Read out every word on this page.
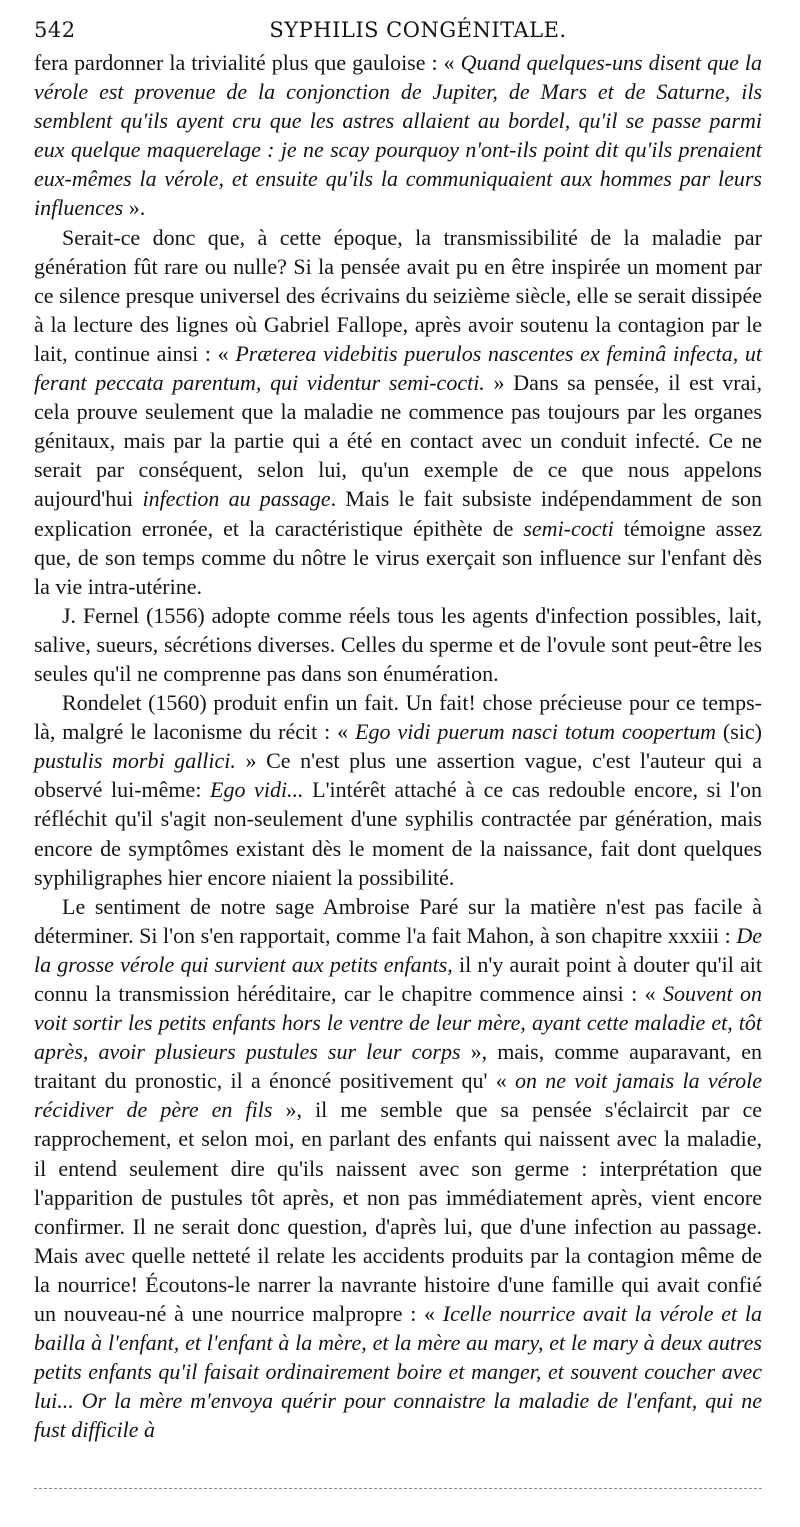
542	SYPHILIS CONGÉNITALE.

fera pardonner la trivialité plus que gauloise : « Quand quelques-uns disent que la vérole est provenue de la conjonction de Jupiter, de Mars et de Saturne, ils semblent qu'ils ayent cru que les astres allaient au bordel, qu'il se passe parmi eux quelque maquerelage : je ne scay pourquoy n'ont-ils point dit qu'ils prenaient eux-mêmes la vérole, et ensuite qu'ils la communiquaient aux hommes par leurs influences ».

Serait-ce donc que, à cette époque, la transmissibilité de la maladie par génération fût rare ou nulle? Si la pensée avait pu en être inspirée un moment par ce silence presque universel des écrivains du seizième siècle, elle se serait dissipée à la lecture des lignes où Gabriel Fallope, après avoir soutenu la contagion par le lait, continue ainsi : « Præterea videbitis puerulos nascentes ex feminâ infecta, ut ferant peccata parentum, qui videntur semi-cocti. » Dans sa pensée, il est vrai, cela prouve seulement que la maladie ne commence pas toujours par les organes génitaux, mais par la partie qui a été en contact avec un conduit infecté. Ce ne serait par conséquent, selon lui, qu'un exemple de ce que nous appelons aujourd'hui infection au passage. Mais le fait subsiste indépendamment de son explication erronée, et la caractéristique épithète de semi-cocti témoigne assez que, de son temps comme du nôtre le virus exerçait son influence sur l'enfant dès la vie intra-utérine.

J. Fernel (1556) adopte comme réels tous les agents d'infection possibles, lait, salive, sueurs, sécrétions diverses. Celles du sperme et de l'ovule sont peut-être les seules qu'il ne comprenne pas dans son énumération.

Rondelet (1560) produit enfin un fait. Un fait! chose précieuse pour ce temps-là, malgré le laconisme du récit : « Ego vidi puerum nasci totum coopertum (sic) pustulis morbi gallici. » Ce n'est plus une assertion vague, c'est l'auteur qui a observé lui-même: Ego vidi... L'intérêt attaché à ce cas redouble encore, si l'on réfléchit qu'il s'agit non-seulement d'une syphilis contractée par génération, mais encore de symptômes existant dès le moment de la naissance, fait dont quelques syphiligraphes hier encore niaient la possibilité.

Le sentiment de notre sage Ambroise Paré sur la matière n'est pas facile à déterminer. Si l'on s'en rapportait, comme l'a fait Mahon, à son chapitre xxxiii : De la grosse vérole qui survient aux petits enfants, il n'y aurait point à douter qu'il ait connu la transmission héréditaire, car le chapitre commence ainsi : « Souvent on voit sortir les petits enfants hors le ventre de leur mère, ayant cette maladie et, tôt après, avoir plusieurs pustules sur leur corps », mais, comme auparavant, en traitant du pronostic, il a énoncé positivement qu' « on ne voit jamais la vérole récidiver de père en fils », il me semble que sa pensée s'éclaircit par ce rapprochement, et selon moi, en parlant des enfants qui naissent avec la maladie, il entend seulement dire qu'ils naissent avec son germe : interprétation que l'apparition de pustules tôt après, et non pas immédiatement après, vient encore confirmer. Il ne serait donc question, d'après lui, que d'une infection au passage. Mais avec quelle netteté il relate les accidents produits par la contagion même de la nourrice! Écoutons-le narrer la navrante histoire d'une famille qui avait confié un nouveau-né à une nourrice malpropre : « Icelle nourrice avait la vérole et la bailla à l'enfant, et l'enfant à la mère, et la mère au mary, et le mary à deux autres petits enfants qu'il faisait ordinairement boire et manger, et souvent coucher avec lui... Or la mère m'envoya quérir pour connaistre la maladie de l'enfant, qui ne fust difficile à
